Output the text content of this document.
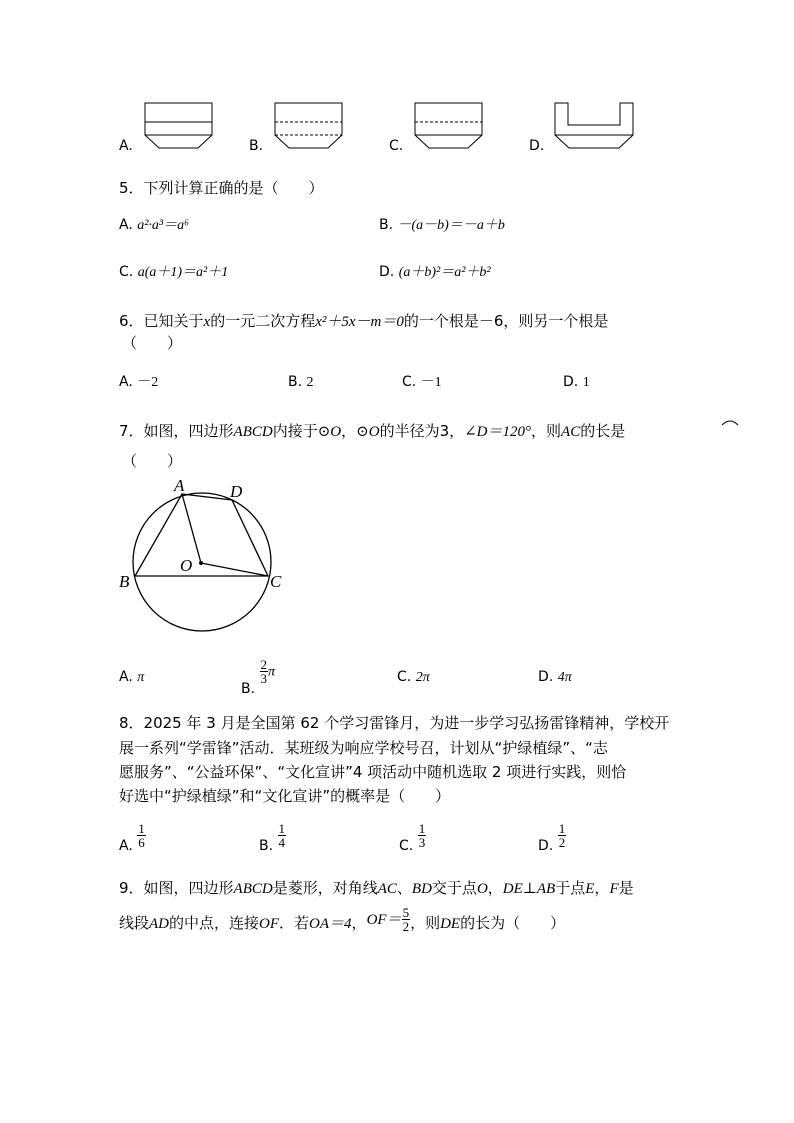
A.	B.	C.	D.
5．下列计算正确的是（　　）
A. a²·a³＝a⁶	B. －(a－b)＝－a＋b
C. a(a＋1)＝a²＋1	D. (a＋b)²＝a²＋b²
6．已知关于x的一元二次方程x²＋5x－m＝0的一个根是－6，则另一个根是
（　　）
A. －2	B. 2	C. －1	D. 1
7．如图，四边形ABCD内接于⊙O，⊙O的半径为3，∠D＝120°，则AC
的长是
（　　）
A	D
O
B	C
A. π
B.
$\frac{2}{3}$ π	C. 2π	D. 4π
8．2025 年 3 月是全国第 62 个学习雷锋月，为进一步学习弘扬雷锋精神，学校开
展一系列“学雷锋”活动．某班级为响应学校号召，计划从“护绿植绿”、“志
愿服务”、“公益环保”、“文化宣讲”4 项活动中随机选取 2 项进行实践，则恰
好选中“护绿植绿”和“文化宣讲”的概率是（　　）
A. $\frac{1}{6}$	B. $\frac{1}{4}$	C. $\frac{1}{3}$	D. $\frac{1}{2}$
9．如图，四边形ABCD是菱形，对角线AC、BD交于点O，DE⊥AB于点E，F是
线段AD的中点，连接OF．若OA＝4，$OF= \frac{5}{2}$ ，则DE的长为（　　）
